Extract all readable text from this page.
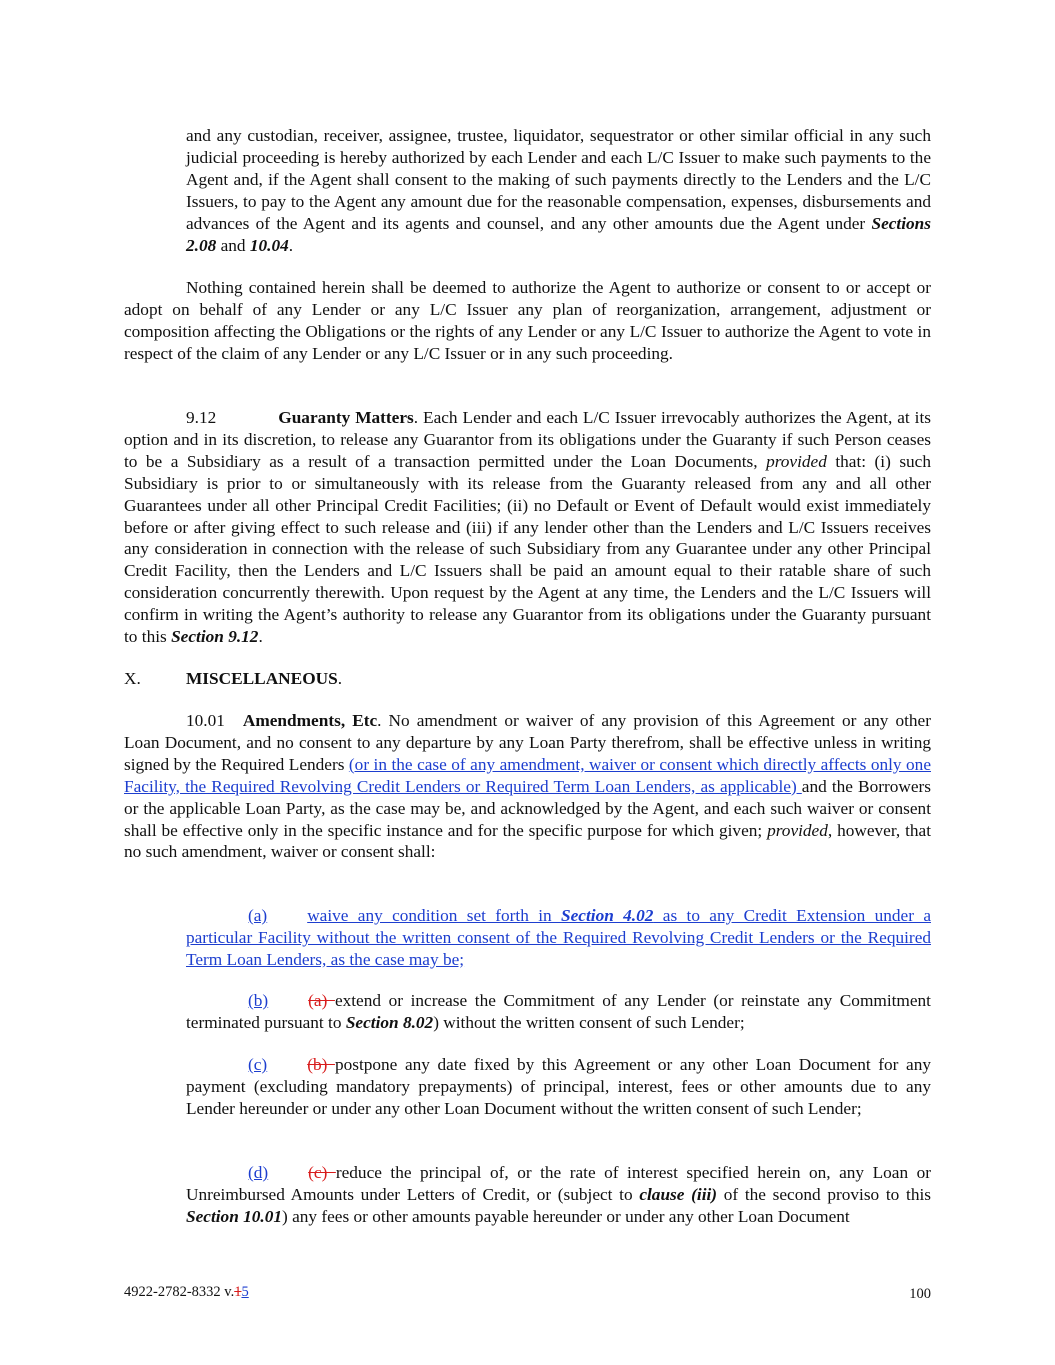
and any custodian, receiver, assignee, trustee, liquidator, sequestrator or other similar official in any such judicial proceeding is hereby authorized by each Lender and each L/C Issuer to make such payments to the Agent and, if the Agent shall consent to the making of such payments directly to the Lenders and the L/C Issuers, to pay to the Agent any amount due for the reasonable compensation, expenses, disbursements and advances of the Agent and its agents and counsel, and any other amounts due the Agent under Sections 2.08 and 10.04.

Nothing contained herein shall be deemed to authorize the Agent to authorize or consent to or accept or adopt on behalf of any Lender or any L/C Issuer any plan of reorganization, arrangement, adjustment or composition affecting the Obligations or the rights of any Lender or any L/C Issuer to authorize the Agent to vote in respect of the claim of any Lender or any L/C Issuer or in any such proceeding.

9.12	Guaranty Matters. Each Lender and each L/C Issuer irrevocably authorizes the Agent, at its option and in its discretion, to release any Guarantor from its obligations under the Guaranty if such Person ceases to be a Subsidiary as a result of a transaction permitted under the Loan Documents, provided that: (i) such Subsidiary is prior to or simultaneously with its release from the Guaranty released from any and all other Guarantees under all other Principal Credit Facilities; (ii) no Default or Event of Default would exist immediately before or after giving effect to such release and (iii) if any lender other than the Lenders and L/C Issuers receives any consideration in connection with the release of such Subsidiary from any Guarantee under any other Principal Credit Facility, then the Lenders and L/C Issuers shall be paid an amount equal to their ratable share of such consideration concurrently therewith. Upon request by the Agent at any time, the Lenders and the L/C Issuers will confirm in writing the Agent’s authority to release any Guarantor from its obligations under the Guaranty pursuant to this Section 9.12.

X.	MISCELLANEOUS.

10.01 Amendments, Etc. No amendment or waiver of any provision of this Agreement or any other Loan Document, and no consent to any departure by any Loan Party therefrom, shall be effective unless in writing signed by the Required Lenders (or in the case of any amendment, waiver or consent which directly affects only one Facility, the Required Revolving Credit Lenders or Required Term Loan Lenders, as applicable) and the Borrowers or the applicable Loan Party, as the case may be, and acknowledged by the Agent, and each such waiver or consent shall be effective only in the specific instance and for the specific purpose for which given; provided, however, that no such amendment, waiver or consent shall:

(a) waive any condition set forth in Section 4.02 as to any Credit Extension under a particular Facility without the written consent of the Required Revolving Credit Lenders or the Required Term Loan Lenders, as the case may be;

(b) (a) extend or increase the Commitment of any Lender (or reinstate any Commitment terminated pursuant to Section 8.02) without the written consent of such Lender;

(c) (b) postpone any date fixed by this Agreement or any other Loan Document for any payment (excluding mandatory prepayments) of principal, interest, fees or other amounts due to any Lender hereunder or under any other Loan Document without the written consent of such Lender;

(d) (c) reduce the principal of, or the rate of interest specified herein on, any Loan or Unreimbursed Amounts under Letters of Credit, or (subject to clause (iii) of the second proviso to this Section 10.01) any fees or other amounts payable hereunder or under any other Loan Document

4922-2782-8332 v.15	100
